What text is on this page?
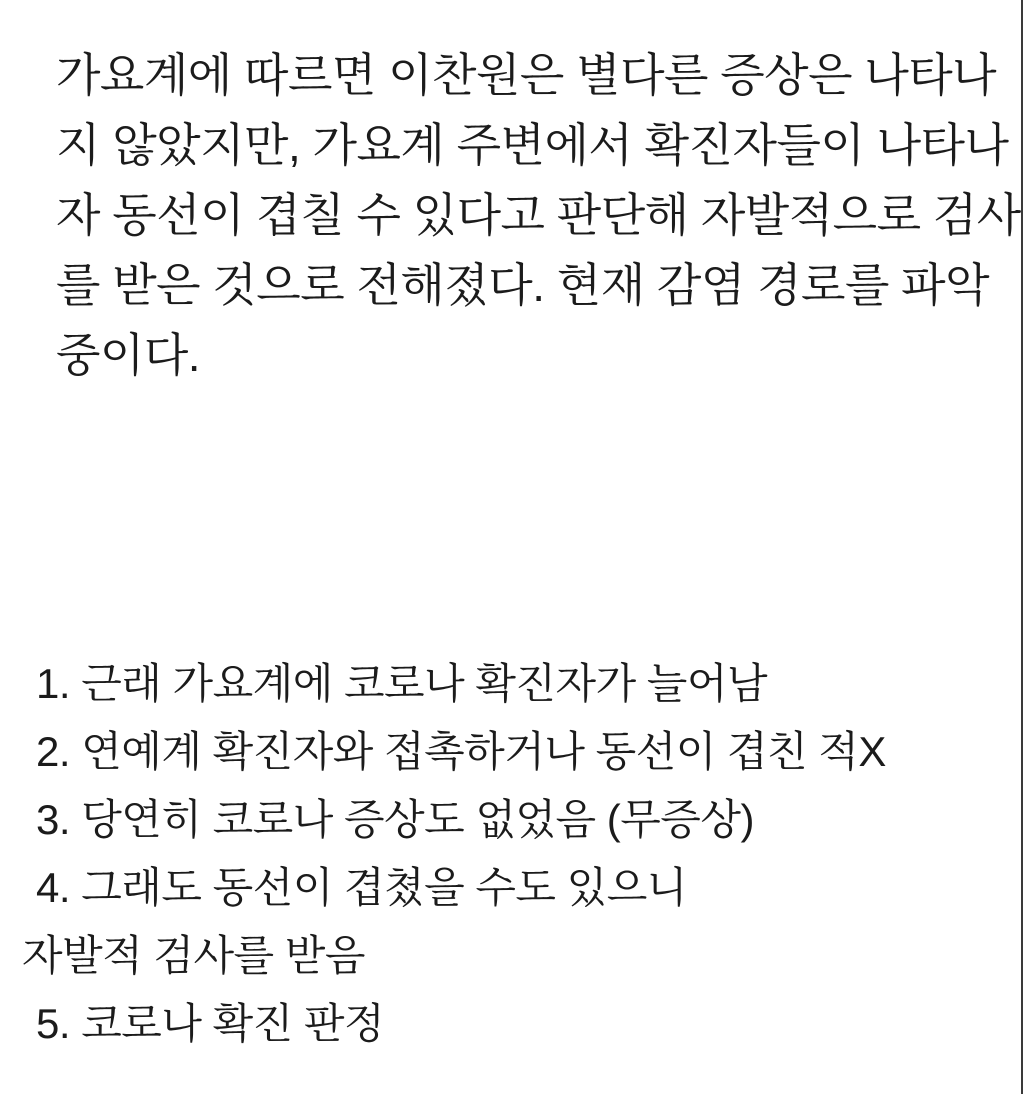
가요계에 따르면 이찬원은 별다른 증상은 나타나
지 않았지만, 가요계 주변에서 확진자들이 나타나
자 동선이 겹칠 수 있다고 판단해 자발적으로 검사
를 받은 것으로 전해졌다. 현재 감염 경로를 파악
중이다.
1. 근래 가요계에 코로나 확진자가 늘어남
2. 연예계 확진자와 접촉하거나 동선이 겹친 적X
3. 당연히 코로나 증상도 없었음 (무증상)
4. 그래도 동선이 겹쳤을 수도 있으니
자발적 검사를 받음
5. 코로나 확진 판정
